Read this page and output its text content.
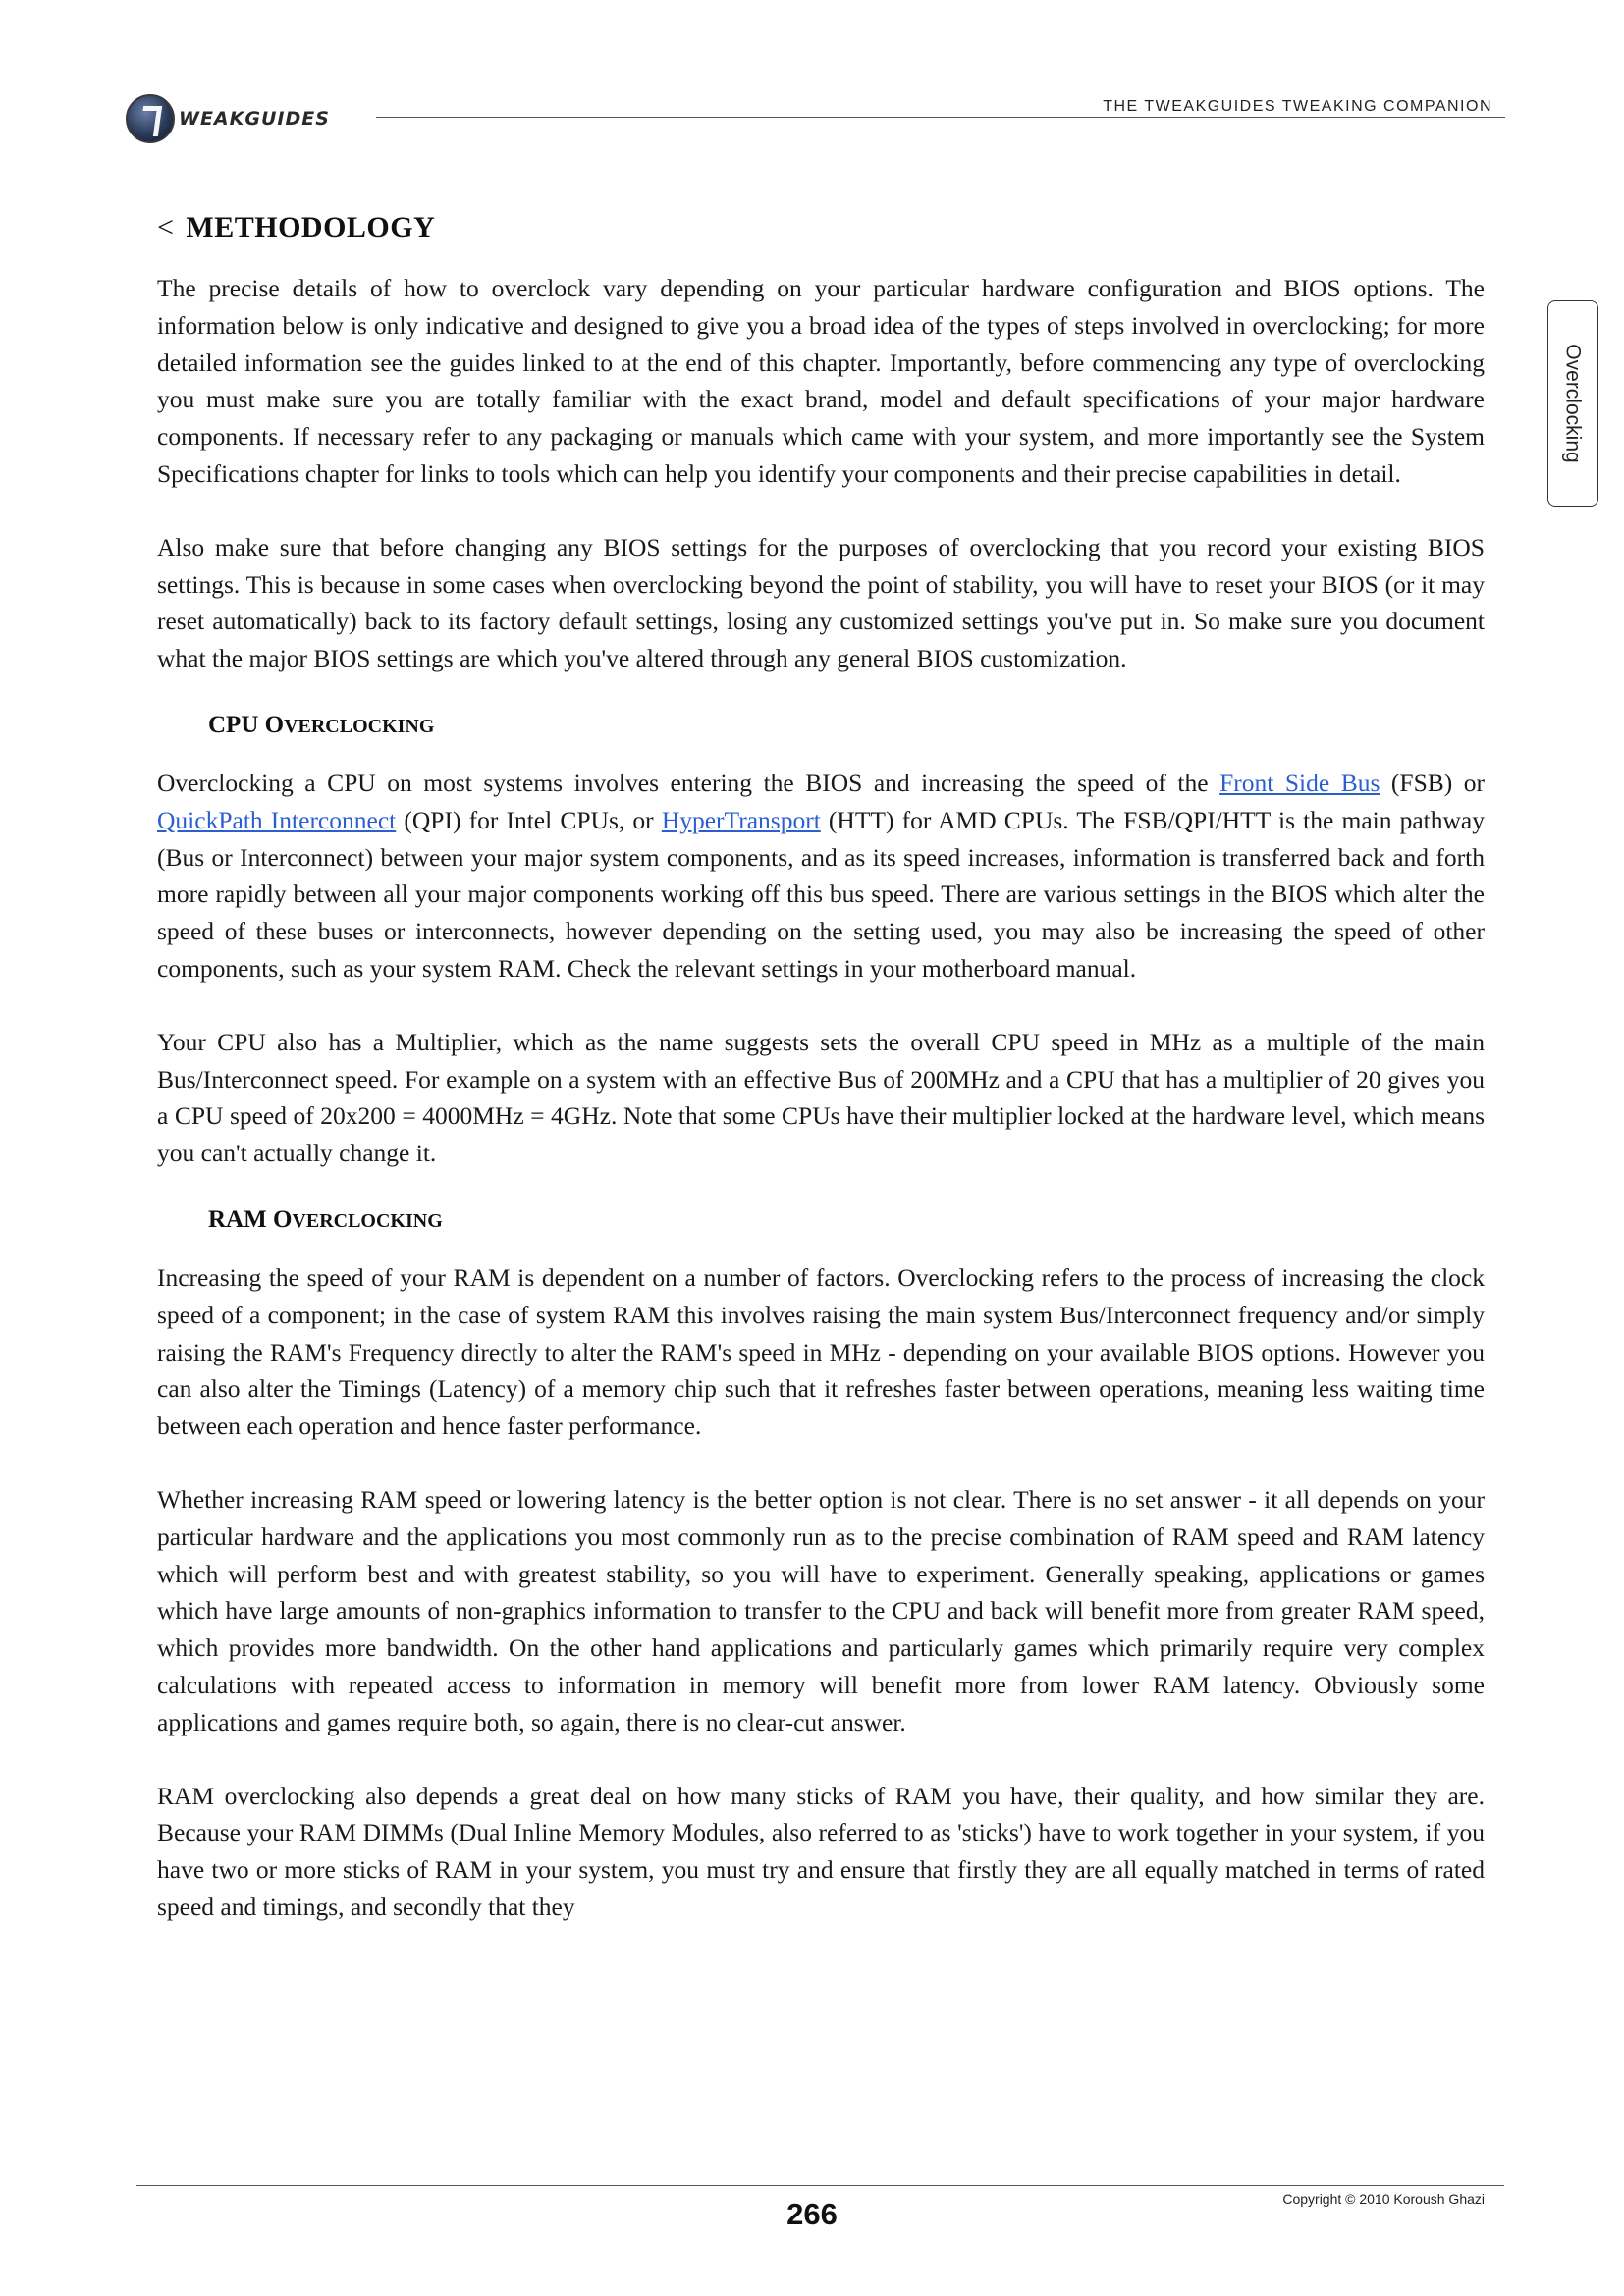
WEAKGUIDES
THE TWEAKGUIDES TWEAKING COMPANION
Overclocking
< METHODOLOGY

The precise details of how to overclock vary depending on your particular hardware configuration and BIOS options. The information below is only indicative and designed to give you a broad idea of the types of steps involved in overclocking; for more detailed information see the guides linked to at the end of this chapter. Importantly, before commencing any type of overclocking you must make sure you are totally familiar with the exact brand, model and default specifications of your major hardware components. If necessary refer to any packaging or manuals which came with your system, and more importantly see the System Specifications chapter for links to tools which can help you identify your components and their precise capabilities in detail.

Also make sure that before changing any BIOS settings for the purposes of overclocking that you record your existing BIOS settings. This is because in some cases when overclocking beyond the point of stability, you will have to reset your BIOS (or it may reset automatically) back to its factory default settings, losing any customized settings you've put in. So make sure you document what the major BIOS settings are which you've altered through any general BIOS customization.

CPU OVERCLOCKING

Overclocking a CPU on most systems involves entering the BIOS and increasing the speed of the Front Side Bus (FSB) or QuickPath Interconnect (QPI) for Intel CPUs, or HyperTransport (HTT) for AMD CPUs. The FSB/QPI/HTT is the main pathway (Bus or Interconnect) between your major system components, and as its speed increases, information is transferred back and forth more rapidly between all your major components working off this bus speed. There are various settings in the BIOS which alter the speed of these buses or interconnects, however depending on the setting used, you may also be increasing the speed of other components, such as your system RAM. Check the relevant settings in your motherboard manual.

Your CPU also has a Multiplier, which as the name suggests sets the overall CPU speed in MHz as a multiple of the main Bus/Interconnect speed. For example on a system with an effective Bus of 200MHz and a CPU that has a multiplier of 20 gives you a CPU speed of 20x200 = 4000MHz = 4GHz. Note that some CPUs have their multiplier locked at the hardware level, which means you can't actually change it.

RAM OVERCLOCKING

Increasing the speed of your RAM is dependent on a number of factors. Overclocking refers to the process of increasing the clock speed of a component; in the case of system RAM this involves raising the main system Bus/Interconnect frequency and/or simply raising the RAM's Frequency directly to alter the RAM's speed in MHz - depending on your available BIOS options. However you can also alter the Timings (Latency) of a memory chip such that it refreshes faster between operations, meaning less waiting time between each operation and hence faster performance.

Whether increasing RAM speed or lowering latency is the better option is not clear. There is no set answer - it all depends on your particular hardware and the applications you most commonly run as to the precise combination of RAM speed and RAM latency which will perform best and with greatest stability, so you will have to experiment. Generally speaking, applications or games which have large amounts of non-graphics information to transfer to the CPU and back will benefit more from greater RAM speed, which provides more bandwidth. On the other hand applications and particularly games which primarily require very complex calculations with repeated access to information in memory will benefit more from lower RAM latency. Obviously some applications and games require both, so again, there is no clear-cut answer.

RAM overclocking also depends a great deal on how many sticks of RAM you have, their quality, and how similar they are. Because your RAM DIMMs (Dual Inline Memory Modules, also referred to as 'sticks') have to work together in your system, if you have two or more sticks of RAM in your system, you must try and ensure that firstly they are all equally matched in terms of rated speed and timings, and secondly that they

266	Copyright © 2010 Koroush Ghazi
